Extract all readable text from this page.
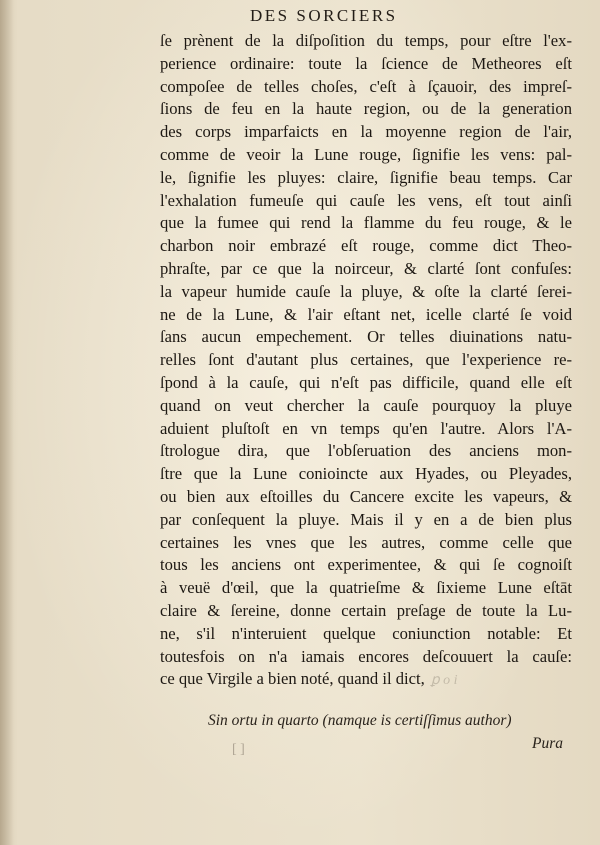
DES SORCIERS
ſe prènent de la diſpoſition du temps, pour eſtre l'ex-
perience ordinaire: toute la ſcience de Metheores eſt
compoſee de telles choſes, c'eſt à ſçauoir, des impreſ-
ſions de feu en la haute region, ou de la generation
des corps imparfaicts en la moyenne region de l'air,
comme de veoir la Lune rouge, ſignifie les vens: pal-
le, ſignifie les pluyes: claire, ſignifie beau temps. Car
l'exhalation fumeuſe qui cauſe les vens, eſt tout ainſi
que la fumee qui rend la flamme du feu rouge, & le
charbon noir embrazé eſt rouge, comme dict Theo-
phraſte, par ce que la noirceur, & clarté ſont confuſes:
la vapeur humide cauſe la pluye, & oſte la clarté ſerei-
ne de la Lune, & l'air eſtant net, icelle clarté ſe void
ſans aucun empechement. Or telles diuinations natu-
relles ſont d'autant plus certaines, que l'experience re-
ſpond à la cauſe, qui n'eſt pas difficile, quand elle eſt
quand on veut chercher la cauſe pourquoy la pluye
aduient pluſtoſt en vn temps qu'en l'autre. Alors l'A-
ſtrologue dira, que l'obſeruation des anciens mon-
ſtre que la Lune conioincte aux Hyades, ou Pleyades,
ou bien aux eſtoilles du Cancere excite les vapeurs, &
par conſequent la pluye. Mais il y en a de bien plus
certaines les vnes que les autres, comme celle que
tous les anciens ont experimentee, & qui ſe cognoiſt
à veuë d'œil, que la quatrieſme & ſixieme Lune eſtāt
claire & ſereine, donne certain preſage de toute la Lu-
ne, s'il n'interuient quelque coniunction notable: Et
toutesfois on n'a iamais encores deſcouuert la cauſe:
ce que Virgile a bien noté, quand il dict, ꝑ o i
Sin ortu in quarto (namque is certiſſimus author)
Pura
[ ]
